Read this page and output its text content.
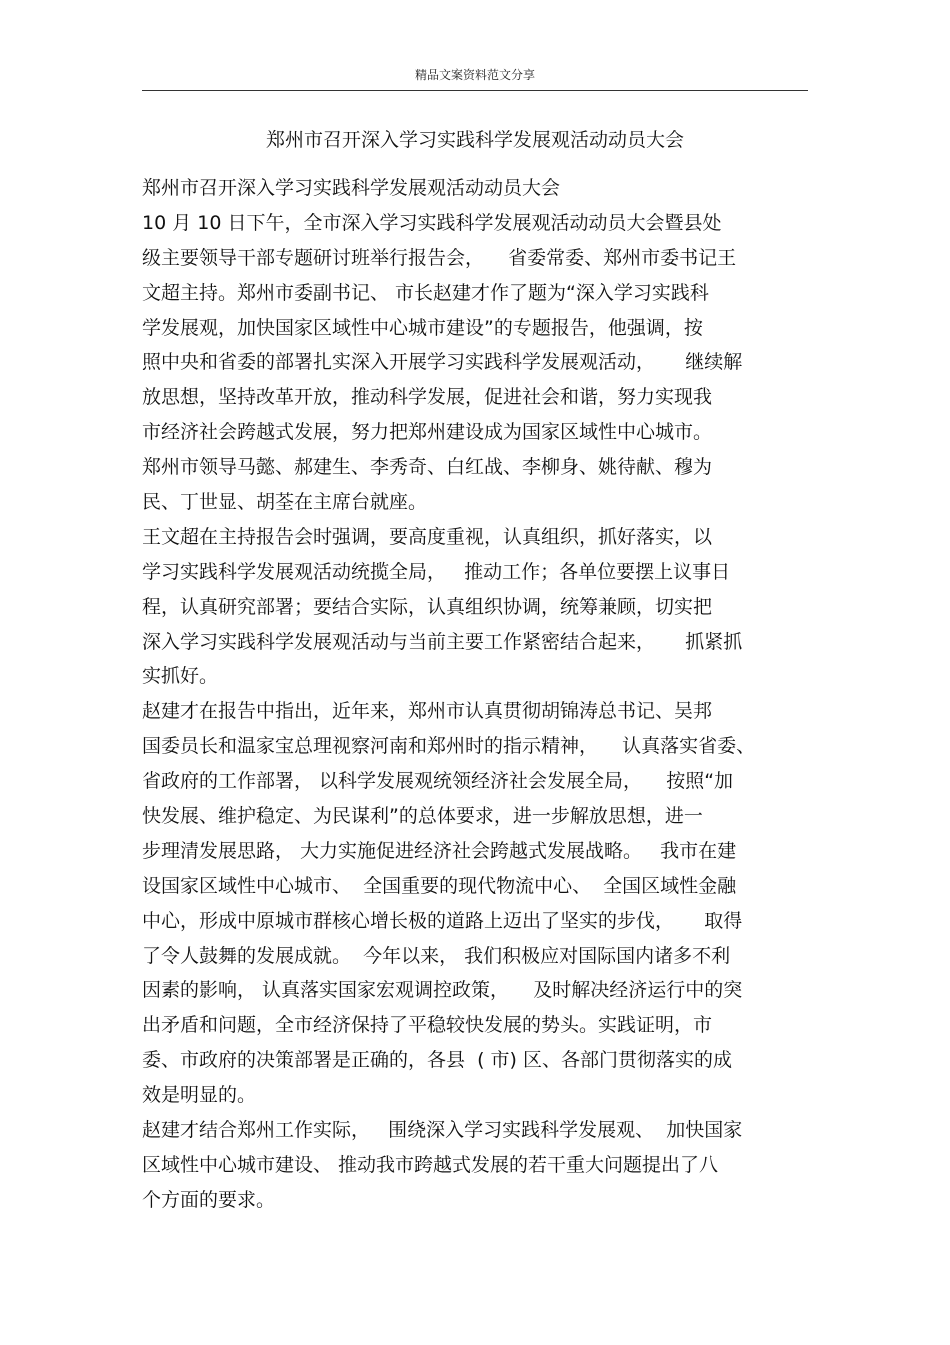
精品文案资料范文分享
郑州市召开深入学习实践科学发展观活动动员大会
郑州市召开深入学习实践科学发展观活动动员大会
10 月 10 日下午，全市深入学习实践科学发展观活动动员大会暨县处
级主要领导干部专题研讨班举行报告会，    省委常委、郑州市委书记王
文超主持。郑州市委副书记、 市长赵建才作了题为“深入学习实践科
学发展观，加快国家区域性中心城市建设”的专题报告，他强调，按
照中央和省委的部署扎实深入开展学习实践科学发展观活动，     继续解
放思想，坚持改革开放，推动科学发展，促进社会和谐，努力实现我
市经济社会跨越式发展，努力把郑州建设成为国家区域性中心城市。
郑州市领导马懿、郝建生、李秀奇、白红战、李柳身、姚待献、穆为
民、丁世显、胡荃在主席台就座。
王文超在主持报告会时强调，要高度重视，认真组织，抓好落实，以
学习实践科学发展观活动统揽全局，   推动工作；各单位要摆上议事日
程，认真研究部署；要结合实际，认真组织协调，统筹兼顾，切实把
深入学习实践科学发展观活动与当前主要工作紧密结合起来，     抓紧抓
实抓好。
赵建才在报告中指出，近年来，郑州市认真贯彻胡锦涛总书记、吴邦
国委员长和温家宝总理视察河南和郑州时的指示精神，    认真落实省委、
省政府的工作部署， 以科学发展观统领经济社会发展全局，    按照“加
快发展、维护稳定、为民谋利”的总体要求，进一步解放思想，进一
步理清发展思路， 大力实施促进经济社会跨越式发展战略。   我市在建
设国家区域性中心城市、  全国重要的现代物流中心、  全国区域性金融
中心，形成中原城市群核心增长极的道路上迈出了坚实的步伐，     取得
了令人鼓舞的发展成就。  今年以来， 我们积极应对国际国内诸多不利
因素的影响， 认真落实国家宏观调控政策，    及时解决经济运行中的突
出矛盾和问题，全市经济保持了平稳较快发展的势头。实践证明，市
委、市政府的决策部署是正确的，各县  ( 市) 区、各部门贯彻落实的成
效是明显的。
赵建才结合郑州工作实际，   围绕深入学习实践科学发展观、  加快国家
区域性中心城市建设、 推动我市跨越式发展的若干重大问题提出了八
个方面的要求。
